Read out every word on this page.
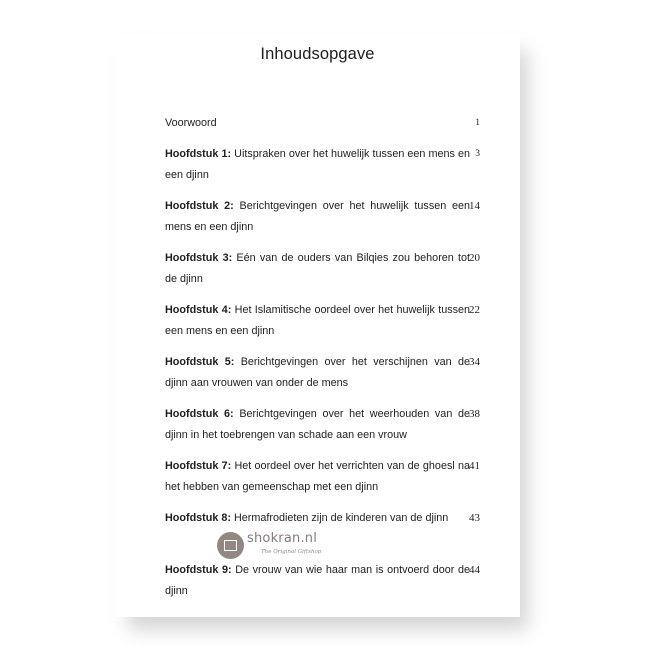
Inhoudsopgave
Voorwoord	1
Hoofdstuk 1: Uitspraken over het huwelijk tussen een mens en een djinn
3
Hoofdstuk 2: Berichtgevingen over het huwelijk tussen een mens en een djinn
14
Hoofdstuk 3: Eén van de ouders van Bilqies zou behoren tot de djinn
20
Hoofdstuk 4: Het Islamitische oordeel over het huwelijk tussen een mens en een djinn
22
Hoofdstuk 5: Berichtgevingen over het verschijnen van de djinn aan vrouwen van onder de mens
34
Hoofdstuk 6: Berichtgevingen over het weerhouden van de djinn in het toebrengen van schade aan een vrouw
38
Hoofdstuk 7: Het oordeel over het verrichten van de ghoesl na het hebben van gemeenschap met een djinn
41
Hoofdstuk 8: Hermafrodieten zijn de kinderen van de djinn	43
Hoofdstuk 9: De vrouw van wie haar man is ontvoerd door de djinn
44
shokran.nl
The Original Giftshop
